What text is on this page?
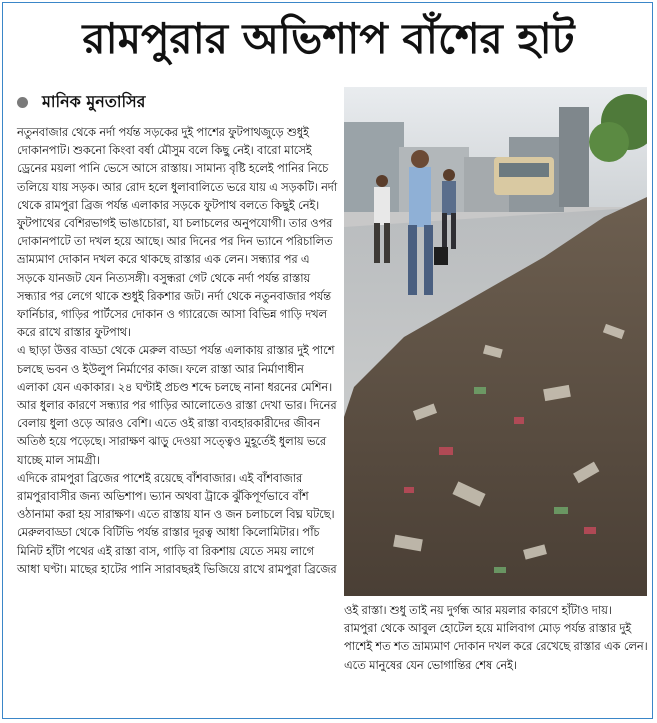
রামপুরার অভিশাপ বাঁশের হাট
মানিক মুনতাসির

নতুনবাজার থেকে নর্দা পর্যন্ত সড়কের দুই পাশের ফুটপাথজুড়ে শুধুই দোকানপাট। শুকনো কিংবা বর্ষা মৌসুম বলে কিছু নেই। বারো মাসেই ড্রেনের ময়লা পানি ভেসে আসে রাস্তায়। সামান্য বৃষ্টি হলেই পানির নিচে তলিয়ে যায় সড়ক। আর রোদ হলে ধুলাবালিতে ভরে যায় এ সড়কটি। নর্দা থেকে রামপুরা ব্রিজ পর্যন্ত এলাকার সড়কে ফুটপাথ বলতে কিছুই নেই। ফুটপাথের বেশিরভাগই ভাঙাচোরা, যা চলাচলের অনুপযোগী। তার ওপর দোকানপাটে তা দখল হয়ে আছে। আর দিনের পর দিন ভ্যানে পরিচালিত ভ্রাম্যমাণ দোকান দখল করে থাকছে রাস্তার এক লেন। সন্ধ্যার পর এ সড়কে যানজট যেন নিত্যসঙ্গী। বসুন্ধরা গেট থেকে নর্দা পর্যন্ত রাস্তায় সন্ধ্যার পর লেগে থাকে শুধুই রিকশার জট। নর্দা থেকে নতুনবাজার পর্যন্ত ফার্নিচার, গাড়ির পার্টসের দোকান ও গ্যারেজে আসা বিভিন্ন গাড়ি দখল করে রাখে রাস্তার ফুটপাথ।

এ ছাড়া উত্তর বাড্ডা থেকে মেরুল বাড্ডা পর্যন্ত এলাকায় রাস্তার দুই পাশে চলছে ভবন ও ইউলুপ নির্মাণের কাজ। ফলে রাস্তা আর নির্মাণাধীন এলাকা যেন একাকার। ২৪ ঘণ্টাই প্রচণ্ড শব্দে চলছে নানা ধরনের মেশিন। আর ধুলার কারণে সন্ধ্যার পর গাড়ির আলোতেও রাস্তা দেখা ভার। দিনের বেলায় ধুলা ওড়ে আরও বেশি। এতে ওই রাস্তা ব্যবহারকারীদের জীবন অতিষ্ঠ হয়ে পড়েছে। সারাক্ষণ ঝাড়ু দেওয়া সত্ত্বেও মুহূর্তেই ধুলায় ভরে যাচ্ছে মাল সামগ্রী।

এদিকে রামপুরা ব্রিজের পাশেই রয়েছে বাঁশবাজার। এই বাঁশবাজার রামপুরাবাসীর জন্য অভিশাপ। ভ্যান অথবা ট্রাকে ঝুঁকিপূর্ণভাবে বাঁশ ওঠানামা করা হয় সারাক্ষণ। এতে রাস্তায় যান ও জন চলাচলে বিঘ্ন ঘটছে।

মেরুলবাড্ডা থেকে বিটিভি পর্যন্ত রাস্তার দূরত্ব আধা কিলোমিটার। পাঁচ মিনিট হাঁটা পথের এই রাস্তা বাস, গাড়ি বা রিকশায় যেতে সময় লাগে আধা ঘণ্টা। মাছের হাটের পানি সারাবছরই ভিজিয়ে রাখে রামপুরা ব্রিজের

ওই রাস্তা। শুধু তাই নয় দুর্গন্ধ আর ময়লার কারণে হাঁটাও দায়।

রামপুরা থেকে আবুল হোটেল হয়ে মালিবাগ মোড় পর্যন্ত রাস্তার দুই পাশেই শত শত ভ্রাম্যমাণ দোকান দখল করে রেখেছে রাস্তার এক লেন। এতে মানুষের যেন ভোগান্তির শেষ নেই।
